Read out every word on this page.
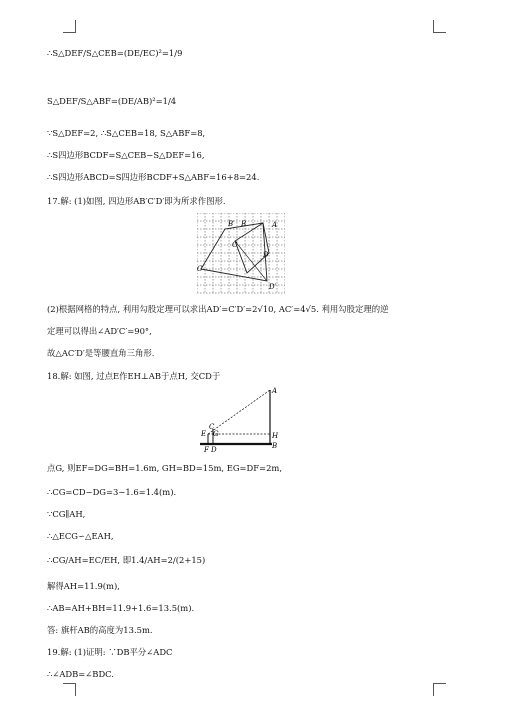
∴S△DEF/S△CEB=(DE/EC)²=1/9
S△DEF/S△ABF=(DE/AB)²=1/4
∵S△DEF=2, ∴S△CEB=18, S△ABF=8,
∴S四边形BCDF=S△CEB−S△DEF=16,
∴S四边形ABCD=S四边形BCDF+S△ABF=16+8=24.
17.解: (1)如图, 四边形AB′C′D′即为所求作图形.
(2)根据网格的特点, 利用勾股定理可以求出AD′=C′D′=2√10, AC′=4√5. 利用勾股定理的逆
定理可以得出∠AD′C′=90°,
故△AC′D′是等腰直角三角形.
18.解: 如图, 过点E作EH⊥AB于点H, 交CD于
点G, 则EF=DG=BH=1.6m, GH=BD=15m, EG=DF=2m,
∴CG=CD−DG=3−1.6=1.4(m).
∵CG∥AH,
∴△ECG∽△EAH,
∴CG/AH=EC/EH, 即1.4/AH=2/(2+15)
解得AH=11.9(m),
∴AB=AH+BH=11.9+1.6=13.5(m).
答: 旗杆AB的高度为13.5m.
19.解: (1)证明: ∵DB平分∠ADC
∴∠ADB=∠BDC.
A
B′ B
C
C′
D
D′
A
C
G
E	H
B
F D
